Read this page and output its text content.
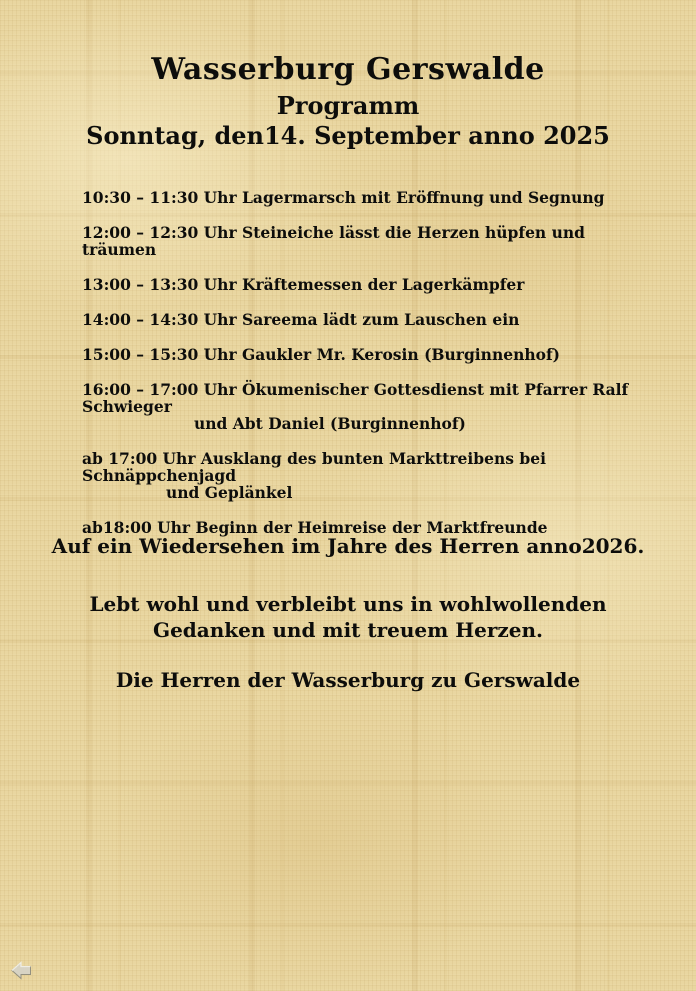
Wasserburg Gerswalde
Programm
Sonntag, den14. September anno 2025
10:30 – 11:30 Uhr Lagermarsch mit Eröffnung und Segnung
12:00 – 12:30 Uhr Steineiche lässt die Herzen hüpfen und träumen
13:00 – 13:30 Uhr Kräftemessen der Lagerkämpfer
14:00 – 14:30 Uhr Sareema lädt zum Lauschen ein
15:00 – 15:30 Uhr Gaukler Mr. Kerosin (Burginnenhof)
16:00 – 17:00 Uhr Ökumenischer Gottesdienst mit Pfarrer Ralf Schwieger
und Abt Daniel (Burginnenhof)
ab 17:00 Uhr Ausklang des bunten Markttreibens bei Schnäppchenjagd
und Geplänkel
ab18:00 Uhr Beginn der Heimreise der Marktfreunde
Auf ein Wiedersehen im Jahre des Herren anno2026.
Lebt wohl und verbleibt uns in wohlwollenden
Gedanken und mit treuem Herzen.
Die Herren der Wasserburg zu Gerswalde
